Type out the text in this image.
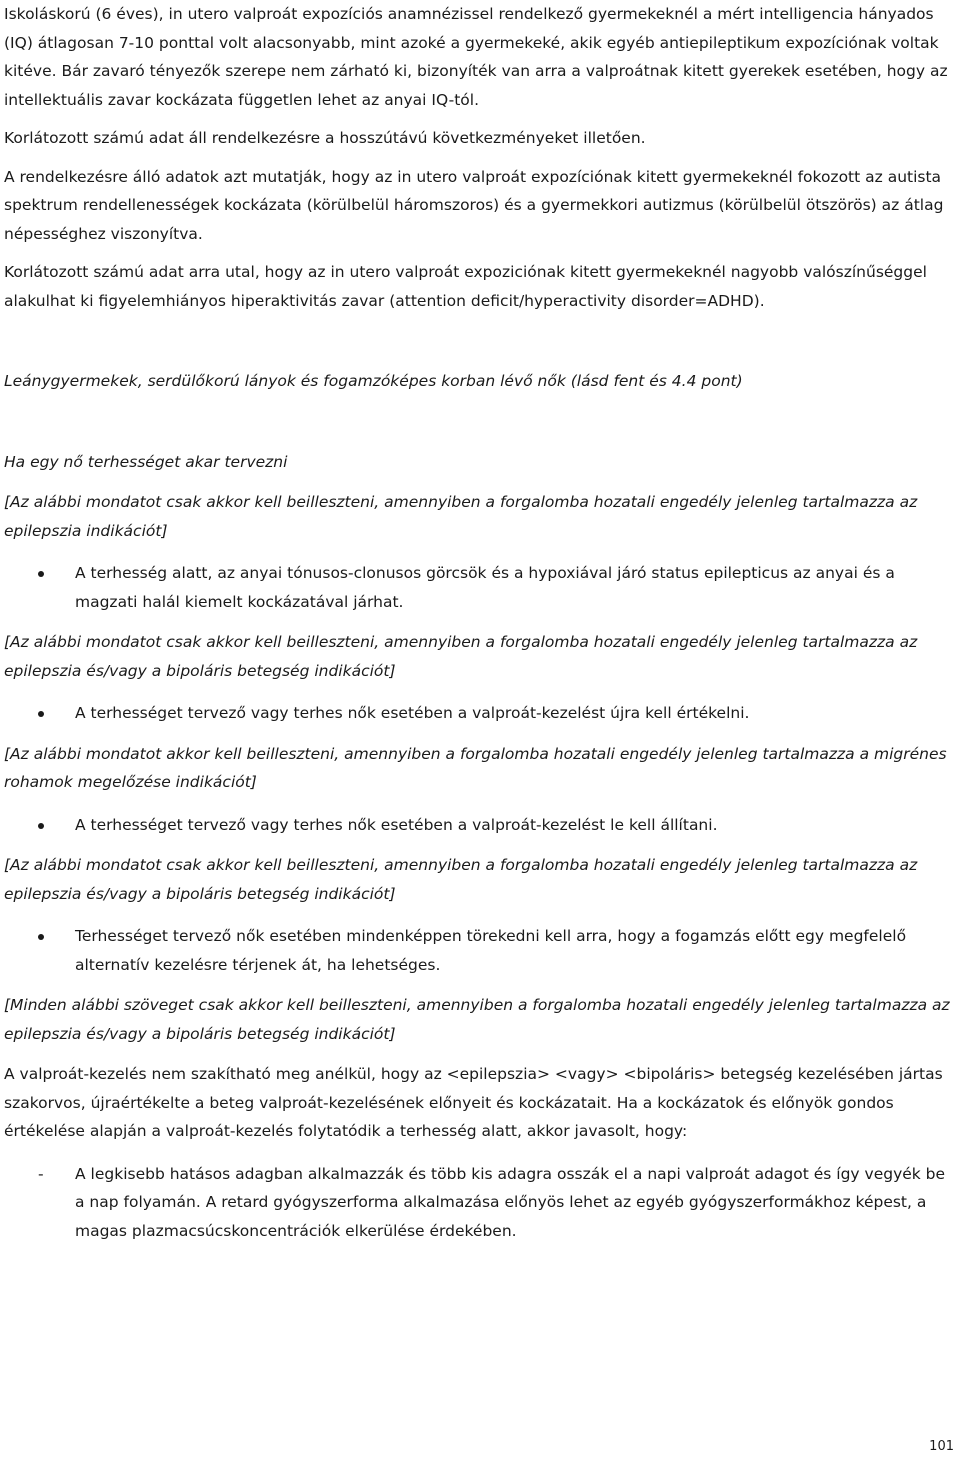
Iskoláskorú (6 éves), in utero valproát expozíciós anamnézissel rendelkező gyermekeknél a mért intelligencia hányados (IQ) átlagosan 7-10 ponttal volt alacsonyabb, mint azoké a gyermekeké, akik egyéb antiepileptikum expozíciónak voltak kitéve. Bár zavaró tényezők szerepe nem zárható ki, bizonyíték van arra a valproátnak kitett gyerekek esetében, hogy az intellektuális zavar kockázata független lehet az anyai IQ-tól.

Korlátozott számú adat áll rendelkezésre a hosszútávú következményeket illetően.

A rendelkezésre álló adatok azt mutatják, hogy az in utero valproát expozíciónak kitett gyermekeknél fokozott az autista spektrum rendellenességek kockázata (körülbelül háromszoros) és a gyermekkori autizmus (körülbelül ötszörös) az átlag népességhez viszonyítva.

Korlátozott számú adat arra utal, hogy az in utero valproát expoziciónak kitett gyermekeknél nagyobb valószínűséggel alakulhat ki figyelemhiányos hiperaktivitás zavar (attention deficit/hyperactivity disorder=ADHD).

Leánygyermekek, serdülőkorú lányok és fogamzóképes korban lévő nők (lásd fent és 4.4 pont)

Ha egy nő terhességet akar tervezni

[Az alábbi mondatot csak akkor kell beilleszteni, amennyiben a forgalomba hozatali engedély jelenleg tartalmazza az epilepszia indikációt]

A terhesség alatt, az anyai tónusos-clonusos görcsök és a hypoxiával járó status epilepticus az anyai és a magzati halál kiemelt kockázatával járhat.

[Az alábbi mondatot csak akkor kell beilleszteni, amennyiben a forgalomba hozatali engedély jelenleg tartalmazza az epilepszia és/vagy a bipoláris betegség indikációt]

A terhességet tervező vagy terhes nők esetében a valproát-kezelést újra kell értékelni.

[Az alábbi mondatot akkor kell beilleszteni, amennyiben a forgalomba hozatali engedély jelenleg tartalmazza a migrénes rohamok megelőzése indikációt]

A terhességet tervező vagy terhes nők esetében a valproát-kezelést le kell állítani.

[Az alábbi mondatot csak akkor kell beilleszteni, amennyiben a forgalomba hozatali engedély jelenleg tartalmazza az epilepszia és/vagy a bipoláris betegség indikációt]

Terhességet tervező nők esetében mindenképpen törekedni kell arra, hogy a fogamzás előtt egy megfelelő alternatív kezelésre térjenek át, ha lehetséges.

[Minden alábbi szöveget csak akkor kell beilleszteni, amennyiben a forgalomba hozatali engedély jelenleg tartalmazza az epilepszia és/vagy a bipoláris betegség indikációt]

A valproát-kezelés nem szakítható meg anélkül, hogy az <epilepszia> <vagy> <bipoláris> betegség kezelésében jártas szakorvos, újraértékelte a beteg valproát-kezelésének előnyeit és kockázatait. Ha a kockázatok és előnyök gondos értékelése alapján a valproát-kezelés folytatódik a terhesség alatt, akkor javasolt, hogy:

- A legkisebb hatásos adagban alkalmazzák és több kis adagra osszák el a napi valproát adagot és így vegyék be a nap folyamán. A retard gyógyszerforma alkalmazása előnyös lehet az egyéb gyógyszerformákhoz képest, a magas plazmacsúcskoncentrációk elkerülése érdekében.
101
